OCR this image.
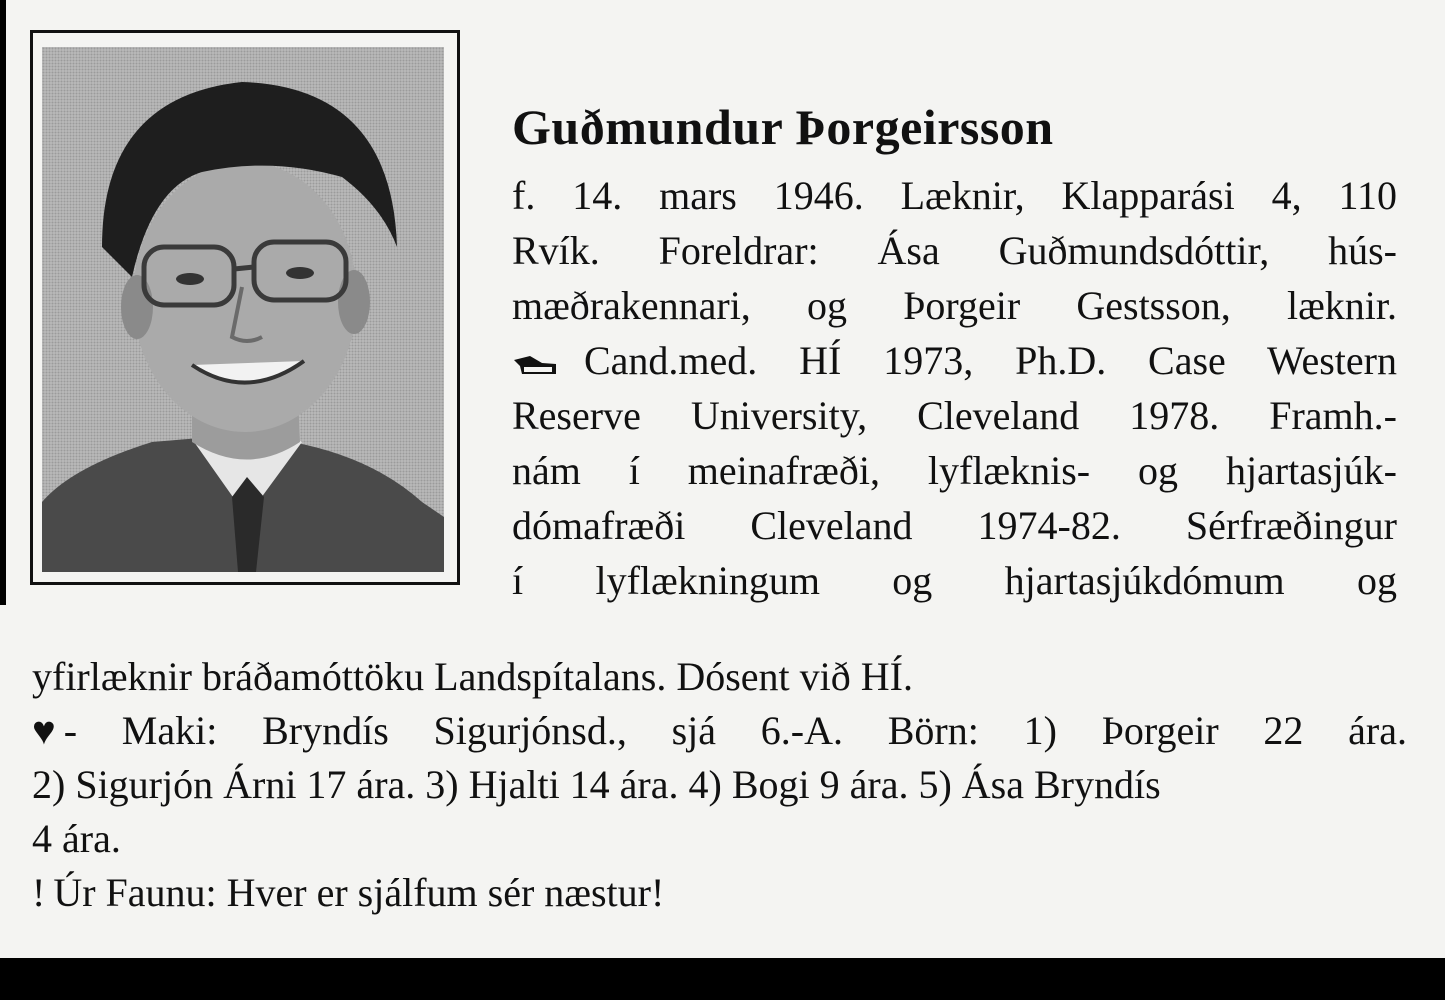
Guðmundur Þorgeirsson
f. 14. mars 1946. Læknir, Klapparási 4, 110
Rvík. Foreldrar: Ása Guðmundsdóttir, hús-
mæðrakennari, og Þorgeir Gestsson, læknir.
Cand.med. HÍ 1973, Ph.D. Case Western
Reserve University, Cleveland 1978. Framh.-
nám í meinafræði, lyflæknis- og hjartasjúk-
dómafræði Cleveland 1974-82. Sérfræðingur
í lyflækningum og hjartasjúkdómum og
yfirlæknir bráðamóttöku Landspítalans. Dósent við HÍ.
♥ - Maki: Bryndís Sigurjónsd., sjá 6.-A. Börn: 1) Þorgeir 22 ára.
2) Sigurjón Árni 17 ára. 3) Hjalti 14 ára. 4) Bogi 9 ára. 5) Ása Bryndís
4 ára.
! Úr Faunu: Hver er sjálfum sér næstur!
